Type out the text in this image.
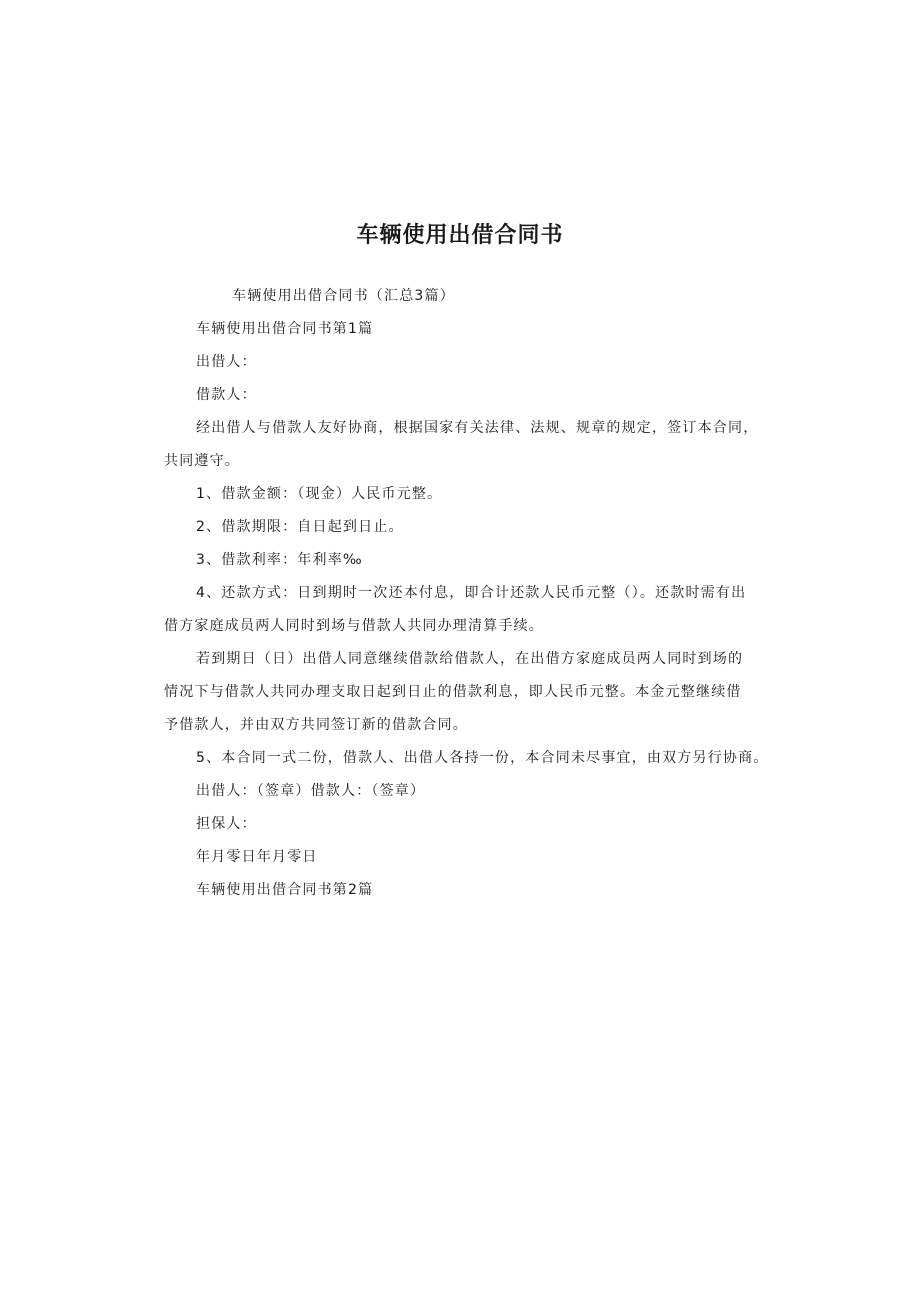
车辆使用出借合同书
车辆使用出借合同书（汇总3篇）
车辆使用出借合同书第1篇
出借人：
借款人：
经出借人与借款人友好协商，根据国家有关法律、法规、规章的规定，签订本合同，
共同遵守。
1、借款金额：（现金）人民币元整。
2、借款期限：自日起到日止。
3、借款利率：年利率‰
4、还款方式：日到期时一次还本付息，即合计还款人民币元整（）。还款时需有出
借方家庭成员两人同时到场与借款人共同办理清算手续。
若到期日（日）出借人同意继续借款给借款人，在出借方家庭成员两人同时到场的
情况下与借款人共同办理支取日起到日止的借款利息，即人民币元整。本金元整继续借
予借款人，并由双方共同签订新的借款合同。
5、本合同一式二份，借款人、出借人各持一份，本合同未尽事宜，由双方另行协商。
出借人：（签章）借款人：（签章）
担保人：
年月零日年月零日
车辆使用出借合同书第2篇
